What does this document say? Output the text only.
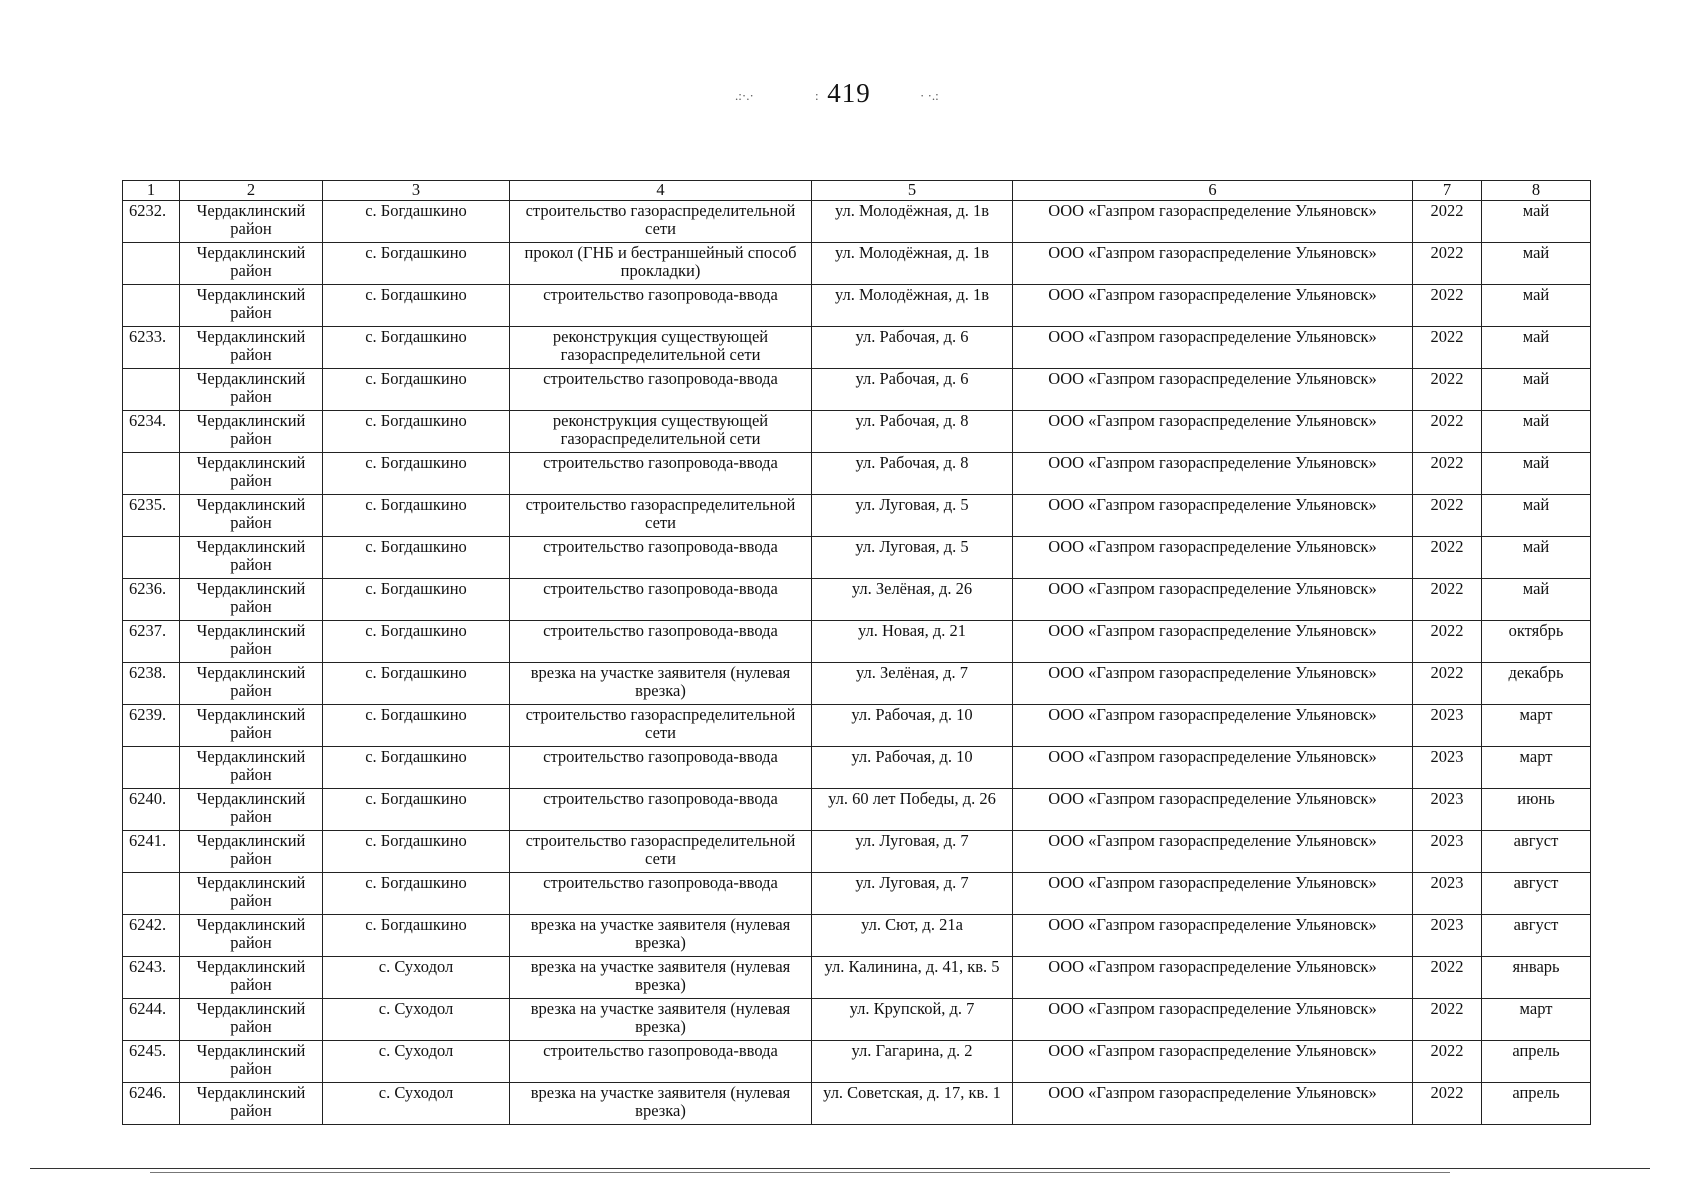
.:·.·	: 419	· ·.:
1	2	3	4	5	6	7	8
6232.	Чердаклинский район	с. Богдашкино	строительство газораспределительной сети	ул. Молодёжная, д. 1в	ООО «Газпром газораспределение Ульяновск»	2022	май
	Чердаклинский район	с. Богдашкино	прокол (ГНБ и бестраншейный способ прокладки)	ул. Молодёжная, д. 1в	ООО «Газпром газораспределение Ульяновск»	2022	май
	Чердаклинский район	с. Богдашкино	строительство газопровода-ввода	ул. Молодёжная, д. 1в	ООО «Газпром газораспределение Ульяновск»	2022	май
6233.	Чердаклинский район	с. Богдашкино	реконструкция существующей газораспределительной сети	ул. Рабочая, д. 6	ООО «Газпром газораспределение Ульяновск»	2022	май
	Чердаклинский район	с. Богдашкино	строительство газопровода-ввода	ул. Рабочая, д. 6	ООО «Газпром газораспределение Ульяновск»	2022	май
6234.	Чердаклинский район	с. Богдашкино	реконструкция существующей газораспределительной сети	ул. Рабочая, д. 8	ООО «Газпром газораспределение Ульяновск»	2022	май
	Чердаклинский район	с. Богдашкино	строительство газопровода-ввода	ул. Рабочая, д. 8	ООО «Газпром газораспределение Ульяновск»	2022	май
6235.	Чердаклинский район	с. Богдашкино	строительство газораспределительной сети	ул. Луговая, д. 5	ООО «Газпром газораспределение Ульяновск»	2022	май
	Чердаклинский район	с. Богдашкино	строительство газопровода-ввода	ул. Луговая, д. 5	ООО «Газпром газораспределение Ульяновск»	2022	май
6236.	Чердаклинский район	с. Богдашкино	строительство газопровода-ввода	ул. Зелёная, д. 26	ООО «Газпром газораспределение Ульяновск»	2022	май
6237.	Чердаклинский район	с. Богдашкино	строительство газопровода-ввода	ул. Новая, д. 21	ООО «Газпром газораспределение Ульяновск»	2022	октябрь
6238.	Чердаклинский район	с. Богдашкино	врезка на участке заявителя (нулевая врезка)	ул. Зелёная, д. 7	ООО «Газпром газораспределение Ульяновск»	2022	декабрь
6239.	Чердаклинский район	с. Богдашкино	строительство газораспределительной сети	ул. Рабочая, д. 10	ООО «Газпром газораспределение Ульяновск»	2023	март
	Чердаклинский район	с. Богдашкино	строительство газопровода-ввода	ул. Рабочая, д. 10	ООО «Газпром газораспределение Ульяновск»	2023	март
6240.	Чердаклинский район	с. Богдашкино	строительство газопровода-ввода	ул. 60 лет Победы, д. 26	ООО «Газпром газораспределение Ульяновск»	2023	июнь
6241.	Чердаклинский район	с. Богдашкино	строительство газораспределительной сети	ул. Луговая, д. 7	ООО «Газпром газораспределение Ульяновск»	2023	август
	Чердаклинский район	с. Богдашкино	строительство газопровода-ввода	ул. Луговая, д. 7	ООО «Газпром газораспределение Ульяновск»	2023	август
6242.	Чердаклинский район	с. Богдашкино	врезка на участке заявителя (нулевая врезка)	ул. Сют, д. 21а	ООО «Газпром газораспределение Ульяновск»	2023	август
6243.	Чердаклинский район	с. Суходол	врезка на участке заявителя (нулевая врезка)	ул. Калинина, д. 41, кв. 5	ООО «Газпром газораспределение Ульяновск»	2022	январь
6244.	Чердаклинский район	с. Суходол	врезка на участке заявителя (нулевая врезка)	ул. Крупской, д. 7	ООО «Газпром газораспределение Ульяновск»	2022	март
6245.	Чердаклинский район	с. Суходол	строительство газопровода-ввода	ул. Гагарина, д. 2	ООО «Газпром газораспределение Ульяновск»	2022	апрель
6246.	Чердаклинский район	с. Суходол	врезка на участке заявителя (нулевая врезка)	ул. Советская, д. 17, кв. 1	ООО «Газпром газораспределение Ульяновск»	2022	апрель
